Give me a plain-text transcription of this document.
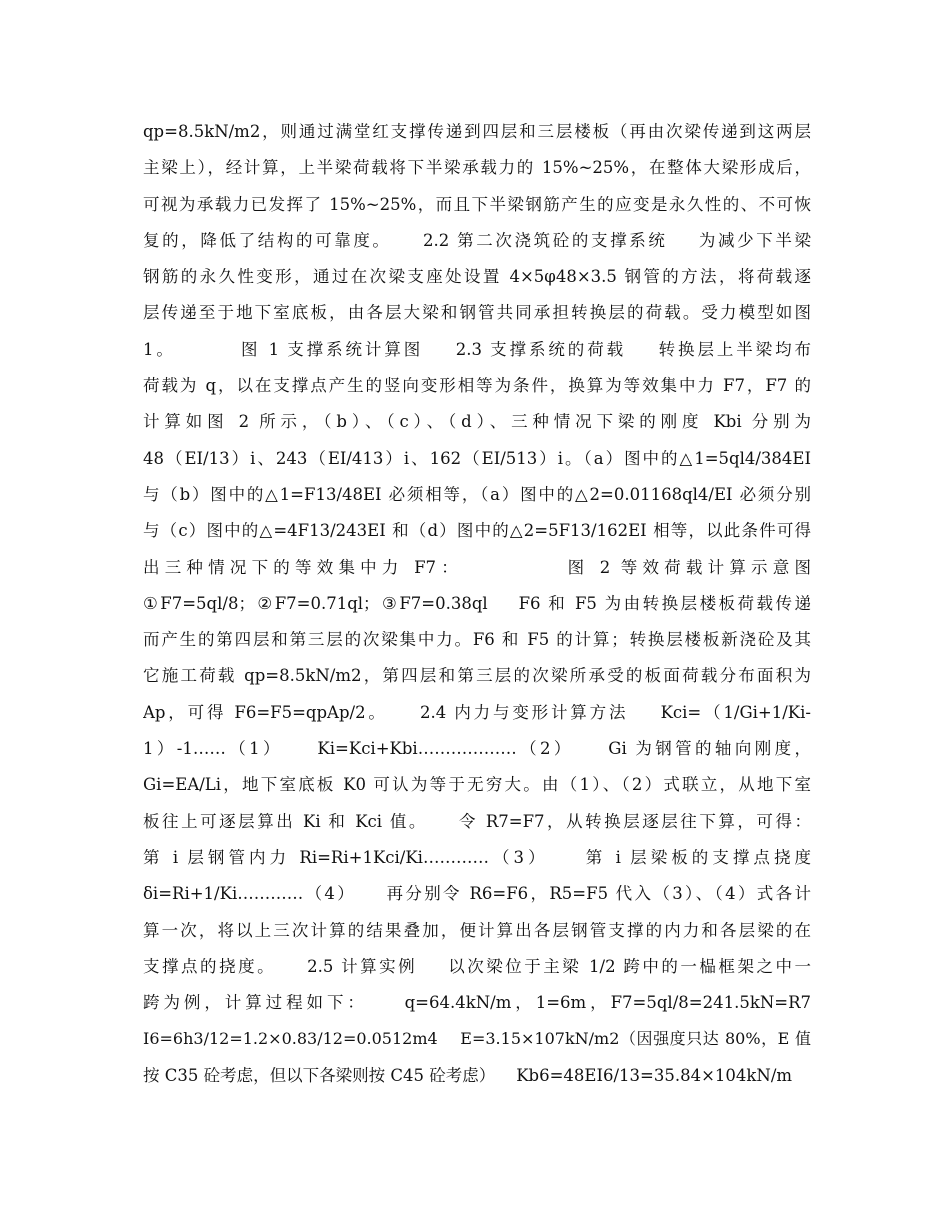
qp=8.5kN/m2，则通过满堂红支撑传递到四层和三层楼板（再由次梁传递到这两层
主梁上），经计算，上半梁荷载将下半梁承载力的 15%~25%，在整体大梁形成后，
可视为承载力已发挥了 15%~25%，而且下半梁钢筋产生的应变是永久性的、不可恢
复的，降低了结构的可靠度。    2.2 第二次浇筑砼的支撑系统    为减少下半梁
钢筋的永久性变形，通过在次梁支座处设置 4×5φ48×3.5 钢管的方法，将荷载逐
层传递至于地下室底板，由各层大梁和钢管共同承担转换层的荷载。受力模型如图
1。        图 1 支撑系统计算图    2.3 支撑系统的荷载    转换层上半梁均布
荷载为 q，以在支撑点产生的竖向变形相等为条件，换算为等效集中力 F7，F7 的
计算如图 2 所示，（b）、（c）、（d）、三种情况下梁的刚度 Kbi 分别为
48（EI/13）i、243（EI/413）i、162（EI/513）i。（a）图中的△1=5ql4/384EI
与（b）图中的△1=F13/48EI 必须相等，（a）图中的△2=0.01168ql4/EI 必须分别
与（c）图中的△=4F13/243EI 和（d）图中的△2=5F13/162EI 相等，以此条件可得
出三种情况下的等效集中力 F7：          图 2 等效荷载计算示意图
①F7=5ql/8；②F7=0.71ql；③F7=0.38ql    F6 和 F5 为由转换层楼板荷载传递
而产生的第四层和第三层的次梁集中力。F6 和 F5 的计算；转换层楼板新浇砼及其
它施工荷载 qp=8.5kN/m2，第四层和第三层的次梁所承受的板面荷载分布面积为
Ap，可得 F6=F5=qpAp/2。    2.4 内力与变形计算方法    Kci=（1/Gi+1/Ki-
1）-1……（1）    Ki=Kci+Kbi………………（2）    Gi 为钢管的轴向刚度，
Gi=EA/Li，地下室底板 K0 可认为等于无穷大。由（1）、（2）式联立，从地下室
板往上可逐层算出 Ki 和 Kci 值。    令 R7=F7，从转换层逐层往下算，可得：
第 i 层钢管内力 Ri=Ri+1Kci/Ki…………（3）    第 i 层梁板的支撑点挠度
δi=Ri+1/Ki…………（4）    再分别令 R6=F6，R5=F5 代入（3）、（4）式各计
算一次，将以上三次计算的结果叠加，便计算出各层钢管支撑的内力和各层梁的在
支撑点的挠度。    2.5 计算实例    以次梁位于主梁 1/2 跨中的一榀框架之中一
跨为例，计算过程如下：    q=64.4kN/m，1=6m，F7=5ql/8=241.5kN=R7
I6=6h3/12=1.2×0.83/12=0.0512m4    E=3.15×107kN/m2（因强度只达 80%，E 值
按 C35 砼考虑，但以下各梁则按 C45 砼考虑）    Kb6=48EI6/13=35.84×104kN/m
